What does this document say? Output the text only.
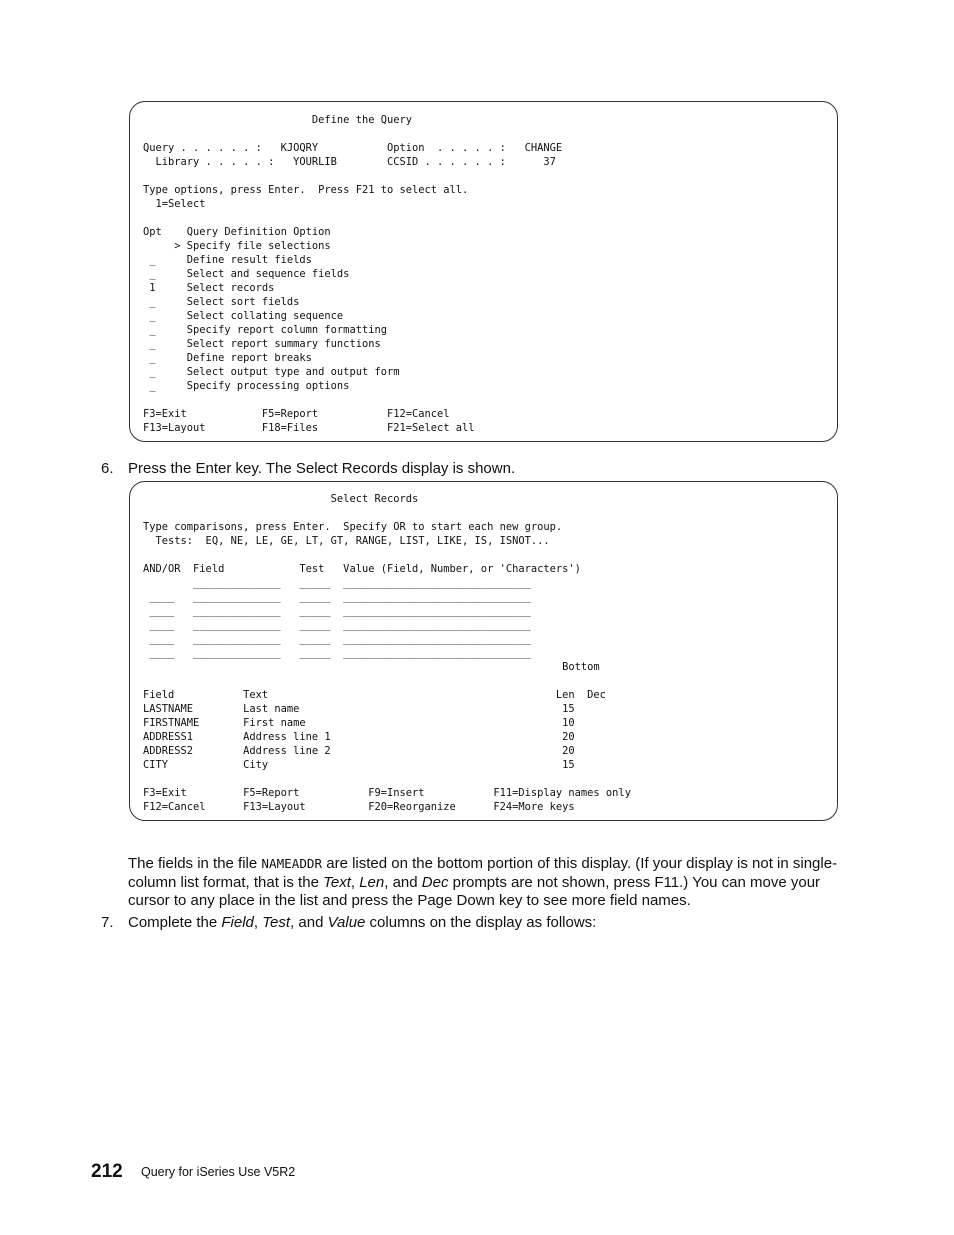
Define the Query
Query . . . . . . :   KJOQRY           Option  . . . . . :   CHANGE
Library . . . . . :   YOURLIB        CCSID . . . . . . :      37
Type options, press Enter.  Press F21 to select all.
1=Select
Opt    Query Definition Option
> Specify file selections
_     Define result fields
_     Select and sequence fields
1     Select records
_     Select sort fields
_     Select collating sequence
_     Specify report column formatting
_     Select report summary functions
_     Define report breaks
_     Select output type and output form
_     Specify processing options
F3=Exit            F5=Report           F12=Cancel
F13=Layout         F18=Files           F21=Select all
6. Press the Enter key. The Select Records display is shown.
Select Records
Type comparisons, press Enter.  Specify OR to start each new group.
Tests:  EQ, NE, LE, GE, LT, GT, RANGE, LIST, LIKE, IS, ISNOT...
AND/OR  Field            Test   Value (Field, Number, or 'Characters')
______________   _____  ______________________________
____   ______________   _____  ______________________________
____   ______________   _____  ______________________________
____   ______________   _____  ______________________________
____   ______________   _____  ______________________________
____   ______________   _____  ______________________________
Bottom
Field           Text                                              Len  Dec
LASTNAME        Last name                                          15
FIRSTNAME       First name                                         10
ADDRESS1        Address line 1                                     20
ADDRESS2        Address line 2                                     20
CITY            City                                               15
F3=Exit         F5=Report           F9=Insert           F11=Display names only
F12=Cancel      F13=Layout          F20=Reorganize      F24=More keys

The fields in the file NAMEADDR are listed on the bottom portion of this display. (If your display is not in single-column list format, that is the Text, Len, and Dec prompts are not shown, press F11.) You can move your cursor to any place in the list and press the Page Down key to see more field names.

7. Complete the Field, Test, and Value columns on the display as follows:
212 Query for iSeries Use V5R2
